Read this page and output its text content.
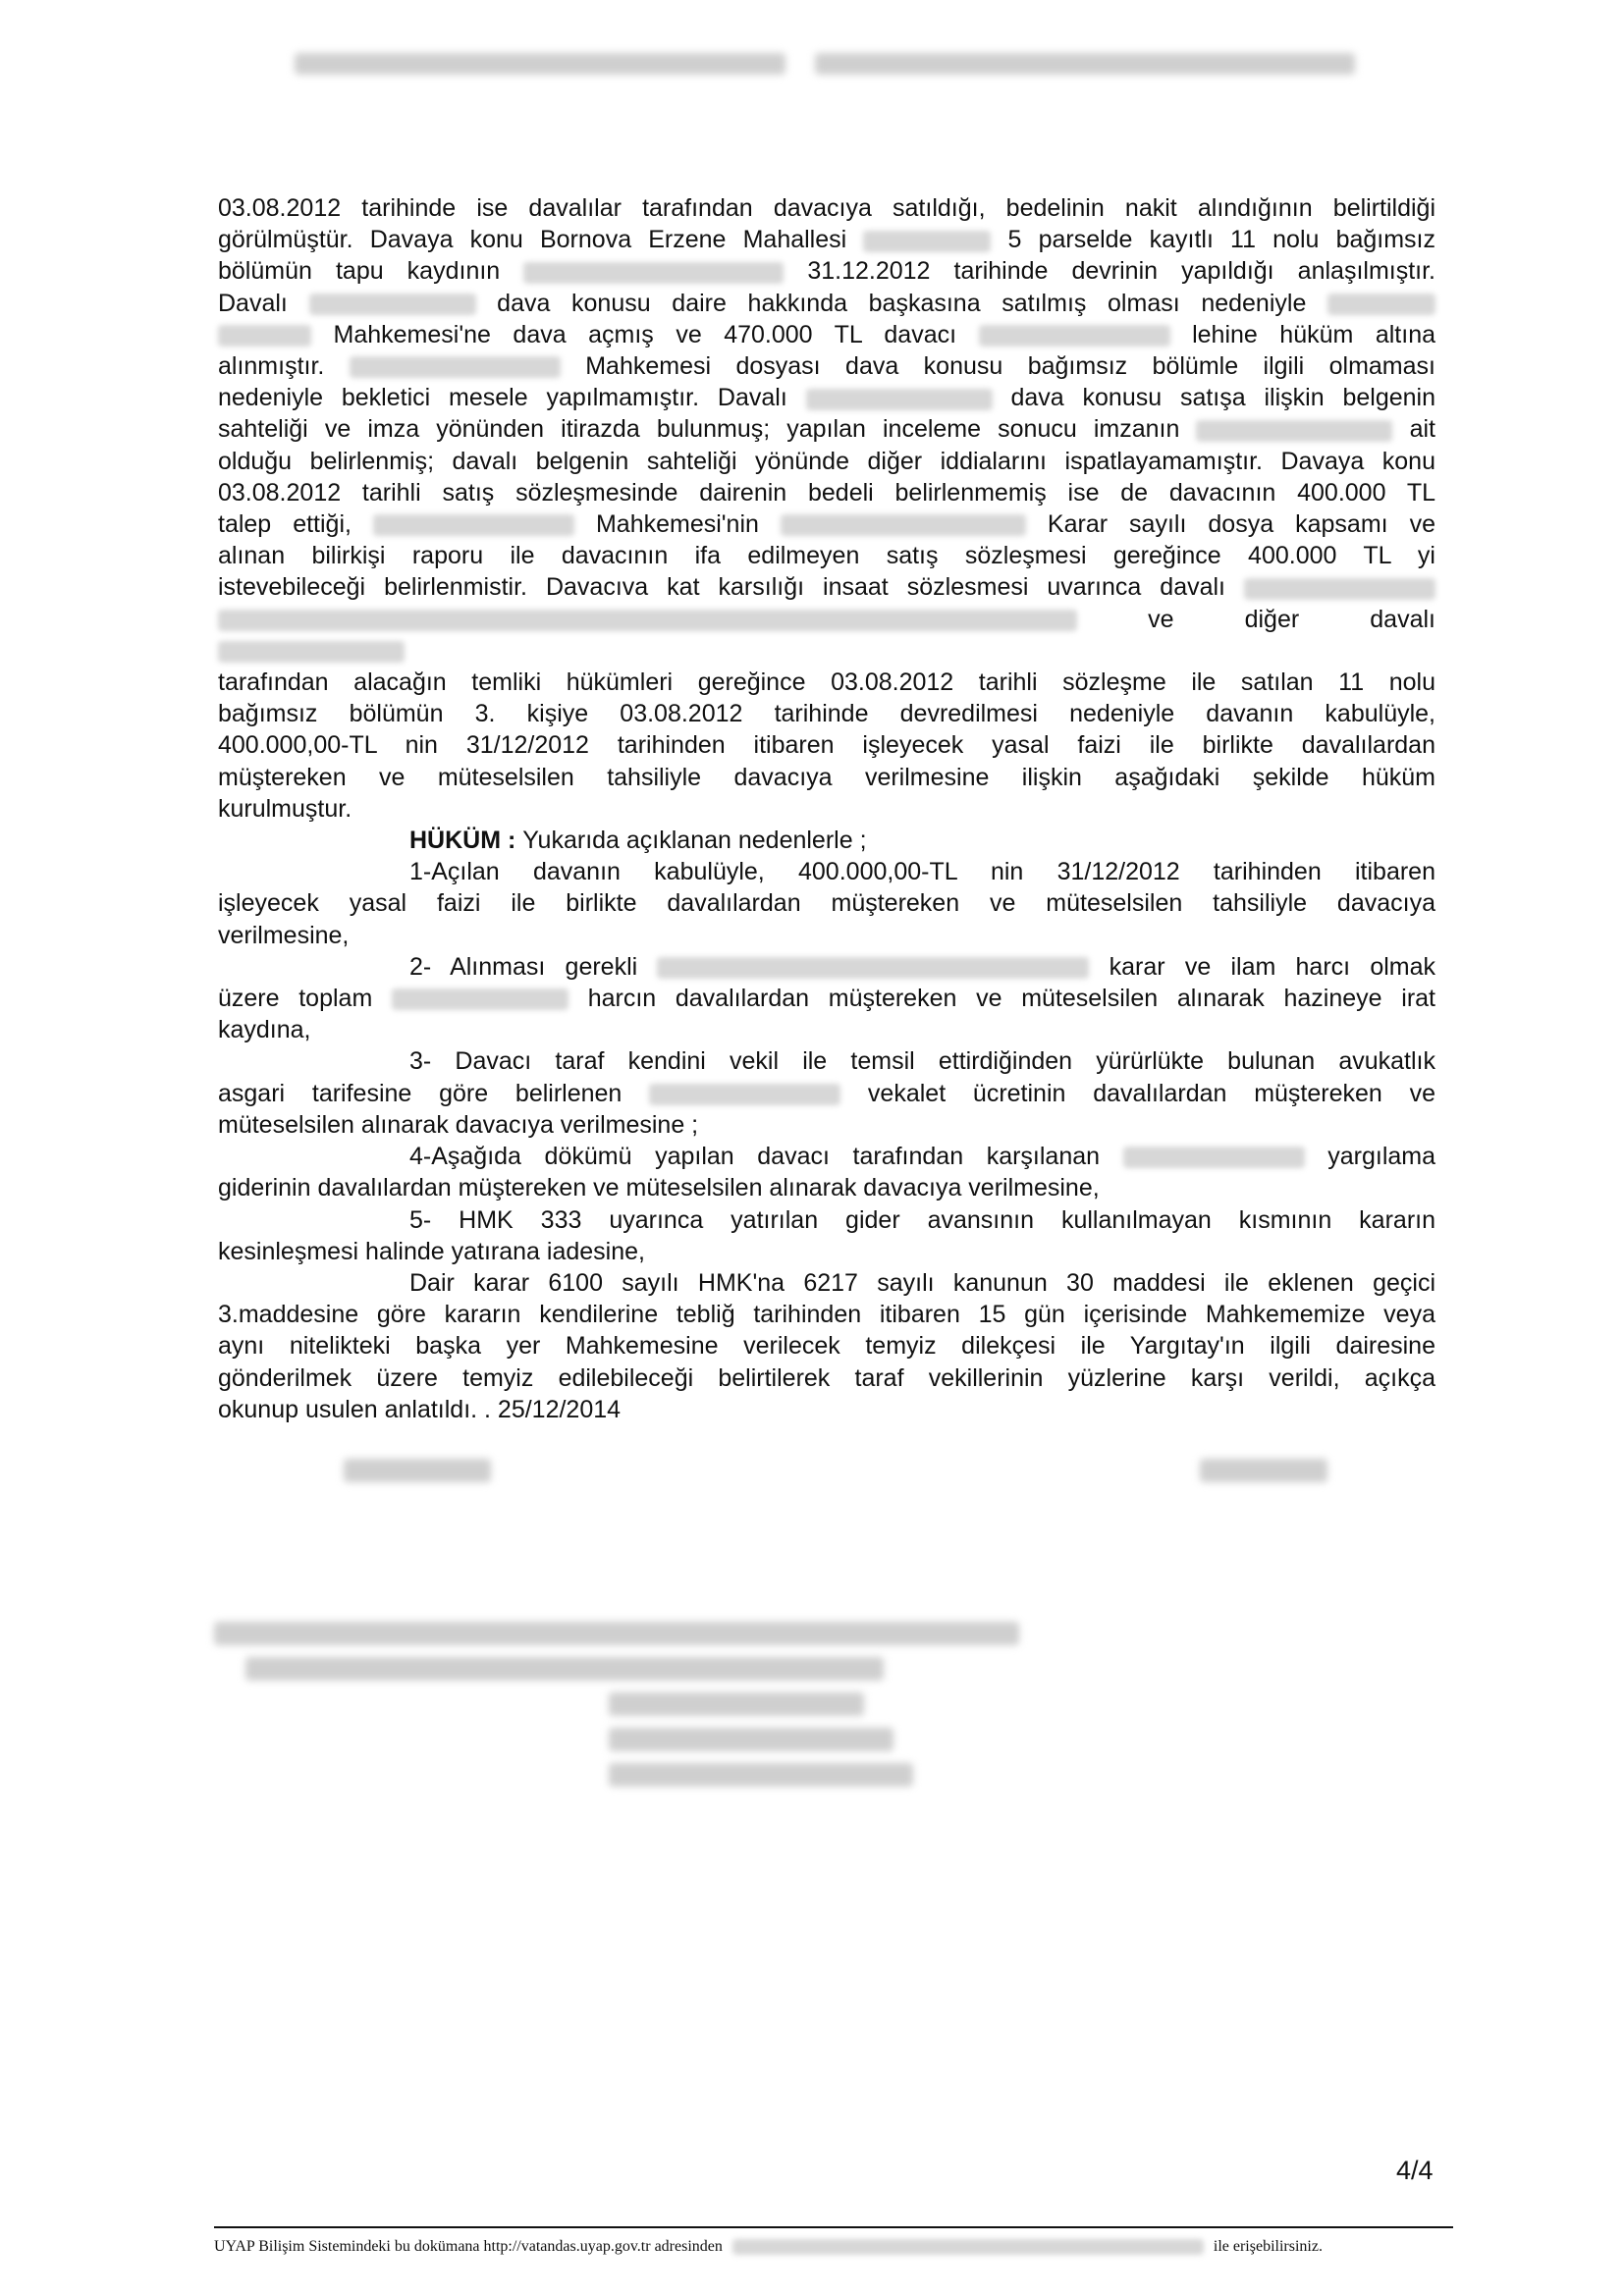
03.08.2012 tarihinde ise davalılar tarafından davacıya satıldığı, bedelinin nakit alındığının belirtildiği
görülmüştür. Davaya konu Bornova Erzene Mahallesi	5 parselde kayıtlı 11 nolu bağımsız
bölümün tapu kaydının	31.12.2012 tarihinde devrinin yapıldığı anlaşılmıştır.
Davalı	dava konusu daire hakkında başkasına satılmış olması nedeniyle
Mahkemesi'ne dava açmış ve 470.000 TL davacı	lehine hüküm altına
alınmıştır.	Mahkemesi dosyası dava konusu bağımsız bölümle ilgili olmaması
nedeniyle bekletici mesele yapılmamıştır. Davalı	dava konusu satışa ilişkin belgenin
sahteliği ve imza yönünden itirazda bulunmuş; yapılan inceleme sonucu imzanın	ait
olduğu belirlenmiş; davalı belgenin sahteliği yönünde diğer iddialarını ispatlayamamıştır. Davaya konu
03.08.2012 tarihli satış sözleşmesinde dairenin bedeli belirlenmemiş ise de davacının 400.000 TL
talep ettiği,	Mahkemesi'nin	Karar sayılı dosya kapsamı ve
alınan bilirkişi raporu ile davacının ifa edilmeyen satış sözleşmesi gereğince 400.000 TL yi
istevebileceği belirlenmistir. Davacıva kat karsılığı insaat sözlesmesi uvarınca davalı
ve diğer davalı
tarafından alacağın temliki hükümleri gereğince 03.08.2012 tarihli sözleşme ile satılan 11 nolu
bağımsız bölümün 3. kişiye 03.08.2012 tarihinde devredilmesi nedeniyle davanın kabulüyle,
400.000,00-TL nin 31/12/2012 tarihinden itibaren işleyecek yasal faizi ile birlikte davalılardan
müştereken ve müteselsilen tahsiliyle davacıya verilmesine ilişkin aşağıdaki şekilde hüküm
kurulmuştur.
HÜKÜM : Yukarıda açıklanan nedenlerle ;
1-Açılan davanın kabulüyle, 400.000,00-TL nin 31/12/2012 tarihinden itibaren
işleyecek yasal faizi ile birlikte davalılardan müştereken ve müteselsilen tahsiliyle davacıya
verilmesine,
2- Alınması gerekli	karar ve ilam harcı olmak
üzere toplam	harcın davalılardan müştereken ve müteselsilen alınarak hazineye irat
kaydına,
3- Davacı taraf kendini vekil ile temsil ettirdiğinden yürürlükte bulunan avukatlık
asgari tarifesine göre belirlenen	vekalet ücretinin davalılardan müştereken ve
müteselsilen alınarak davacıya verilmesine ;
4-Aşağıda dökümü yapılan davacı tarafından karşılanan	yargılama
giderinin davalılardan müştereken ve müteselsilen alınarak davacıya verilmesine,
5- HMK 333 uyarınca yatırılan gider avansının kullanılmayan kısmının kararın
kesinleşmesi halinde yatırana iadesine,
Dair karar 6100 sayılı HMK'na 6217 sayılı kanunun 30 maddesi ile eklenen geçici
3.maddesine göre kararın kendilerine tebliğ tarihinden itibaren 15 gün içerisinde Mahkememize veya
aynı nitelikteki başka yer Mahkemesine verilecek temyiz dilekçesi ile Yargıtay'ın ilgili dairesine
gönderilmek üzere temyiz edilebileceği belirtilerek taraf vekillerinin yüzlerine karşı verildi, açıkça
okunup usulen anlatıldı. . 25/12/2014
4/4
UYAP Bilişim Sistemindeki bu dokümana http://vatandas.uyap.gov.tr adresinden	ile erişebilirsiniz.
